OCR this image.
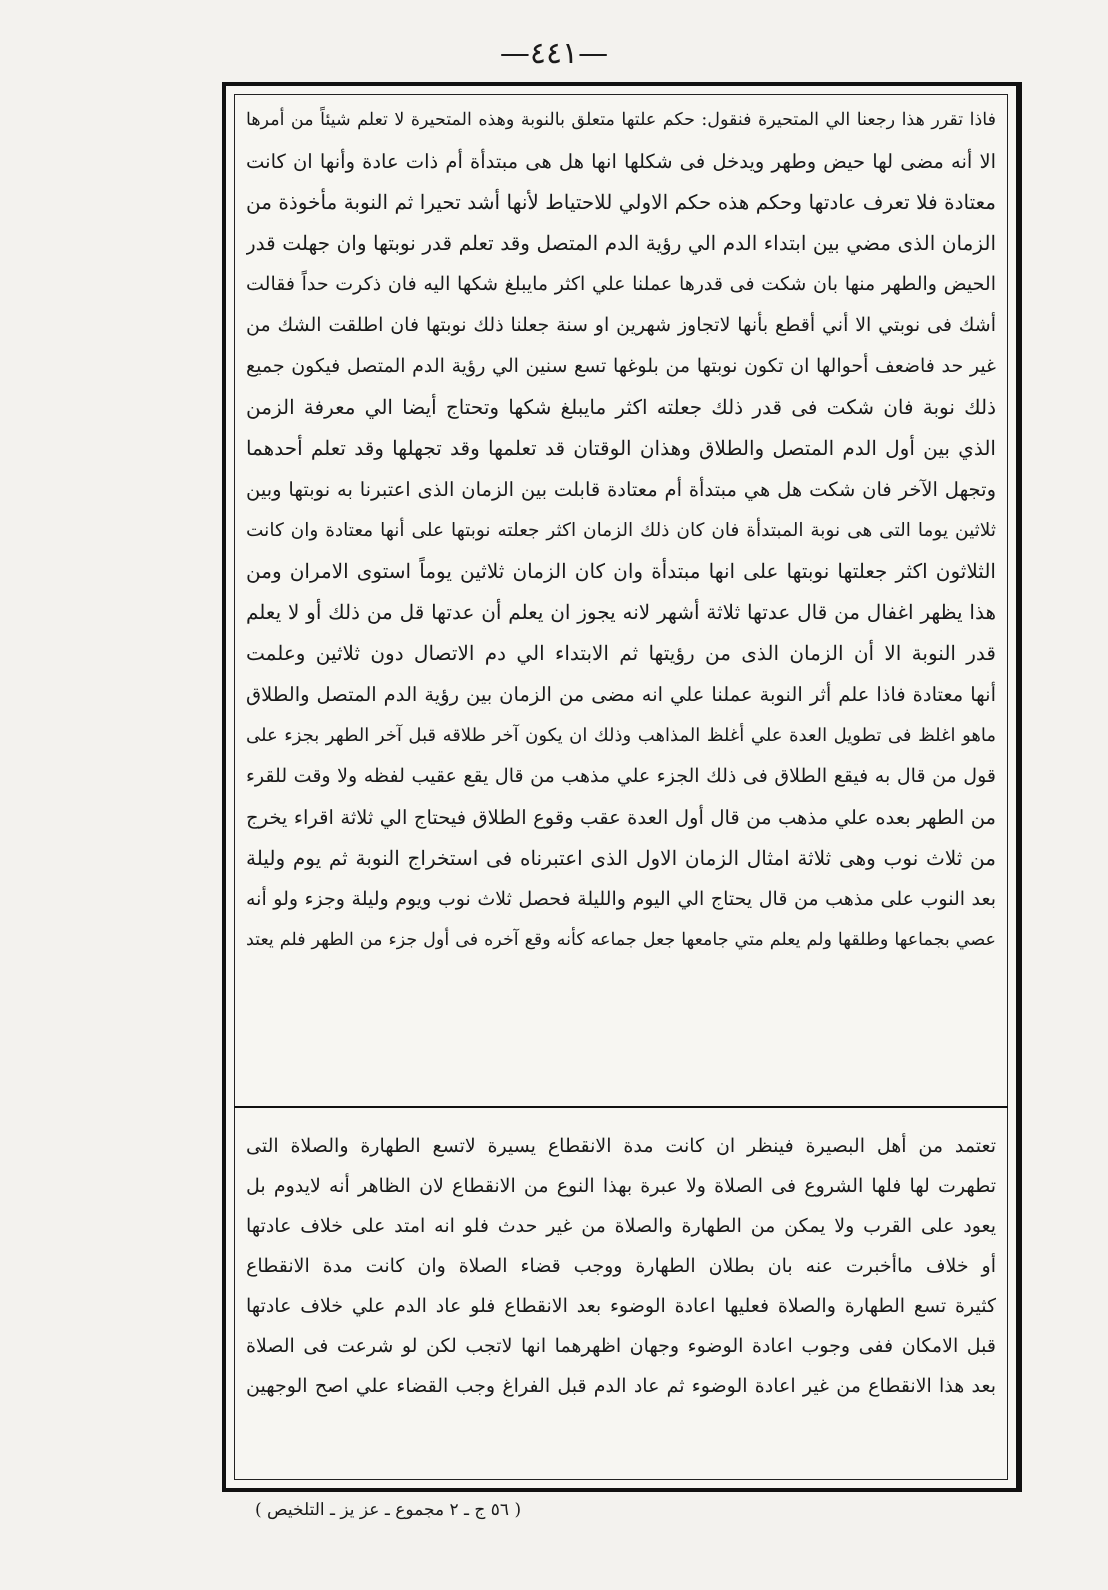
—٤٤١—
فاذا تقرر هذا رجعنا الي المتحيرة فنقول: حكم علتها متعلق بالنوبة وهذه المتحيرة لا تعلم شيئاً من أمرها
الا أنه مضى لها حيض وطهر ويدخل فى شكلها انها هل هى مبتدأة أم ذات عادة وأنها ان كانت
معتادة فلا تعرف عادتها وحكم هذه حكم الاولي للاحتياط لأنها أشد تحيرا ثم النوبة مأخوذة من
الزمان الذى مضي بين ابتداء الدم الي رؤية الدم المتصل وقد تعلم قدر نوبتها وان جهلت قدر
الحيض والطهر منها بان شكت فى قدرها عملنا علي اكثر مايبلغ شكها اليه فان ذكرت حداً فقالت
أشك فى نوبتي الا أني أقطع بأنها لاتجاوز شهرين او سنة جعلنا ذلك نوبتها فان اطلقت الشك من
غير حد فاضعف أحوالها ان تكون نوبتها من بلوغها تسع سنين الي رؤية الدم المتصل فيكون جميع
ذلك نوبة فان شكت فى قدر ذلك جعلته اكثر مايبلغ شكها وتحتاج أيضا الي معرفة الزمن
الذي بين أول الدم المتصل والطلاق وهذان الوقتان قد تعلمها وقد تجهلها وقد تعلم أحدهما
وتجهل الآخر فان شكت هل هي مبتدأة أم معتادة قابلت بين الزمان الذى اعتبرنا به نوبتها وبين
ثلاثين يوما التى هى نوبة المبتدأة فان كان ذلك الزمان اكثر جعلته نوبتها على أنها معتادة وان كانت
الثلاثون اكثر جعلتها نوبتها على انها مبتدأة وان كان الزمان ثلاثين يوماً استوى الامران ومن
هذا يظهر اغفال من قال عدتها ثلاثة أشهر لانه يجوز ان يعلم أن عدتها قل من ذلك أو لا يعلم
قدر النوبة الا أن الزمان الذى من رؤيتها ثم الابتداء الي دم الاتصال دون ثلاثين وعلمت
أنها معتادة فاذا علم أثر النوبة عملنا علي انه مضى من الزمان بين رؤية الدم المتصل والطلاق
ماهو اغلظ فى تطويل العدة علي أغلظ المذاهب وذلك ان يكون آخر طلاقه قبل آخر الطهر بجزء على
قول من قال به فيقع الطلاق فى ذلك الجزء علي مذهب من قال يقع عقيب لفظه ولا وقت للقرء
من الطهر بعده علي مذهب من قال أول العدة عقب وقوع الطلاق فيحتاج الي ثلاثة اقراء يخرج
من ثلاث نوب وهى ثلاثة امثال الزمان الاول الذى اعتبرناه فى استخراج النوبة ثم يوم وليلة
بعد النوب على مذهب من قال يحتاج الي اليوم والليلة فحصل ثلاث نوب ويوم وليلة وجزء ولو أنه
عصي بجماعها وطلقها ولم يعلم متي جامعها جعل جماعه كأنه وقع آخره فى أول جزء من الطهر فلم يعتد
تعتمد من أهل البصيرة فينظر ان كانت مدة الانقطاع يسيرة لاتسع الطهارة والصلاة التى
تطهرت لها فلها الشروع فى الصلاة ولا عبرة بهذا النوع من الانقطاع لان الظاهر أنه لايدوم بل
يعود على القرب ولا يمكن من الطهارة والصلاة من غير حدث فلو انه امتد على خلاف عادتها
أو خلاف ماأخبرت عنه بان بطلان الطهارة ووجب قضاء الصلاة وان كانت مدة الانقطاع
كثيرة تسع الطهارة والصلاة فعليها اعادة الوضوء بعد الانقطاع فلو عاد الدم علي خلاف عادتها
قبل الامكان ففى وجوب اعادة الوضوء وجهان اظهرهما انها لاتجب لكن لو شرعت فى الصلاة
بعد هذا الانقطاع من غير اعادة الوضوء ثم عاد الدم قبل الفراغ وجب القضاء علي اصح الوجهين
( ٥٦ ج ـ ٢ مجموع ـ عز يز ـ التلخيص )
